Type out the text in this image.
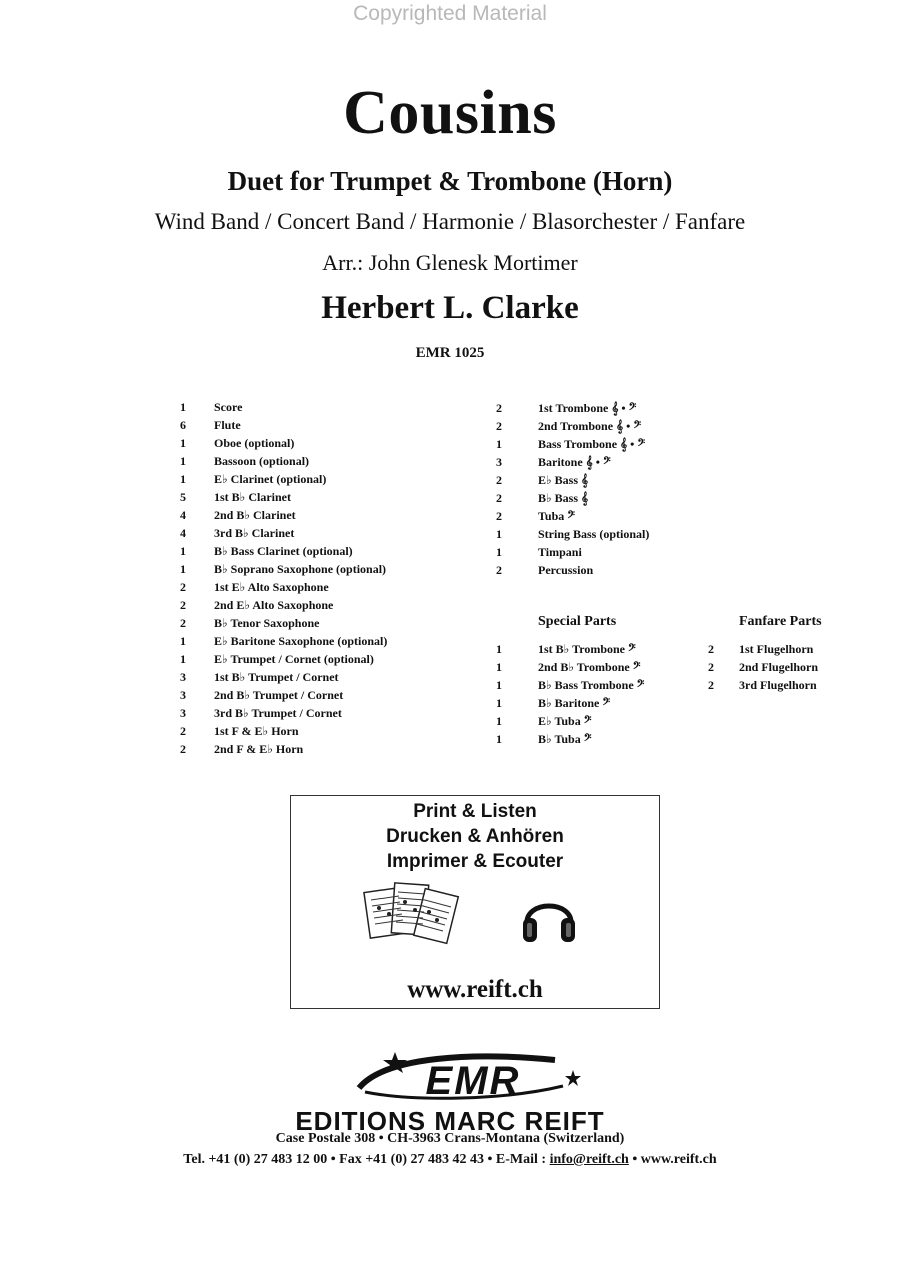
Copyrighted Material
Cousins
Duet for Trumpet & Trombone (Horn)
Wind Band / Concert Band / Harmonie / Blasorchester / Fanfare
Arr.: John Glenesk Mortimer
Herbert L. Clarke
EMR 1025
1	Score
6	Flute
1	Oboe (optional)
1	Bassoon (optional)
1	E♭ Clarinet (optional)
5	1st B♭ Clarinet
4	2nd B♭ Clarinet
4	3rd B♭ Clarinet
1	B♭ Bass Clarinet (optional)
1	B♭ Soprano Saxophone (optional)
2	1st E♭ Alto Saxophone
2	2nd E♭ Alto Saxophone
2	B♭ Tenor Saxophone
1	E♭ Baritone Saxophone (optional)
1	E♭ Trumpet / Cornet (optional)
3	1st B♭ Trumpet / Cornet
3	2nd B♭ Trumpet / Cornet
3	3rd B♭ Trumpet / Cornet
2	1st F & E♭ Horn
2	2nd F & E♭ Horn
2	1st Trombone 𝄞 • 𝄢
2	2nd Trombone 𝄞 • 𝄢
1	Bass Trombone 𝄞 • 𝄢
3	Baritone 𝄞 • 𝄢
2	E♭ Bass 𝄞
2	B♭ Bass 𝄞
2	Tuba 𝄢
1	String Bass (optional)
1	Timpani
2	Percussion
Special Parts
1	1st B♭ Trombone 𝄢
1	2nd B♭ Trombone 𝄢
1	B♭ Bass Trombone 𝄢
1	B♭ Baritone 𝄢
1	E♭ Tuba 𝄢
1	B♭ Tuba 𝄢
Fanfare Parts
2	1st Flugelhorn
2	2nd Flugelhorn
2	3rd Flugelhorn
Print & Listen
Drucken & Anhören
Imprimer & Ecouter
www.reift.ch
EMR
EDITIONS MARC REIFT
Case Postale 308 • CH-3963 Crans-Montana (Switzerland)
Tel. +41 (0) 27 483 12 00 • Fax +41 (0) 27 483 42 43 • E-Mail : info@reift.ch • www.reift.ch
